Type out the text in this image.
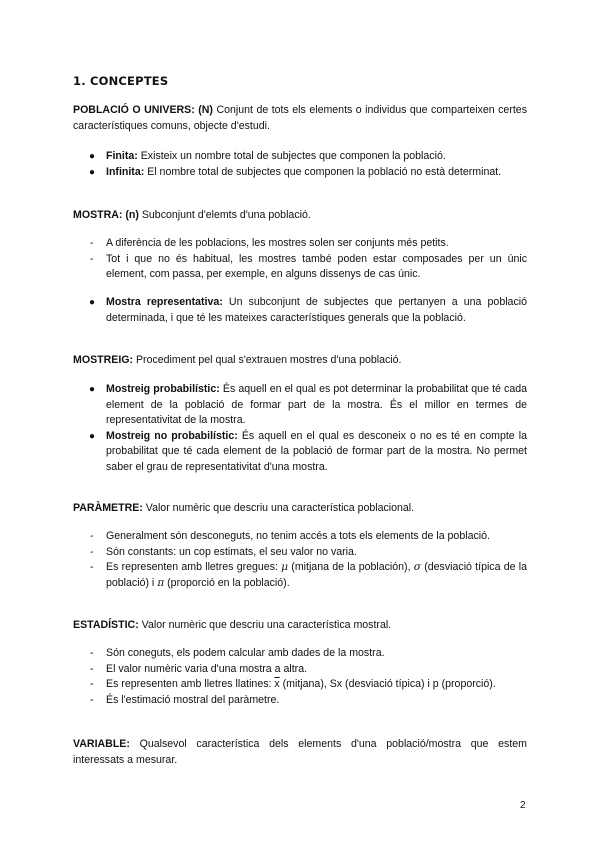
1. CONCEPTES

POBLACIÓ O UNIVERS: (N) Conjunt de tots els elements o individus que comparteixen certes característiques comuns, objecte d'estudi.

● Finita: Existeix un nombre total de subjectes que componen la població.
● Infinita: El nombre total de subjectes que componen la població no està determinat.

MOSTRA: (n) Subconjunt d'elemts d'una població.

- A diferència de les poblacions, les mostres solen ser conjunts més petits.
- Tot i que no és habitual, les mostres també poden estar composades per un únic element, com passa, per exemple, en alguns dissenys de cas únic.
● Mostra representativa: Un subconjunt de subjectes que pertanyen a una població determinada, i que té les mateixes característiques generals que la població.

MOSTREIG: Procediment pel qual s'extrauen mostres d'una població.

● Mostreig probabilístic: És aquell en el qual es pot determinar la probabilitat que té cada element de la població de formar part de la mostra. És el millor en termes de representativitat de la mostra.
● Mostreig no probabilístic: És aquell en el qual es desconeix o no es té en compte la probabilitat que té cada element de la població de formar part de la mostra. No permet saber el grau de representativitat d'una mostra.

PARÀMETRE: Valor numèric que descriu una característica poblacional.

- Generalment són desconeguts, no tenim accés a tots els elements de la població.
- Són constants: un cop estimats, el seu valor no varia.
- Es representen amb lletres gregues: μ (mitjana de la población), σ (desviació típica de la població) i π (proporció en la població).

ESTADÍSTIC: Valor numèric que descriu una característica mostral.

- Són coneguts, els podem calcular amb dades de la mostra.
- El valor numèric varia d'una mostra a altra.
- Es representen amb lletres llatines: $\overline{x}$ (mitjana), Sx (desviació típica) i p (proporció).
- És l'estimació mostral del paràmetre.

VARIABLE: Qualsevol característica dels elements d'una població/mostra que estem interessats a mesurar.

2
